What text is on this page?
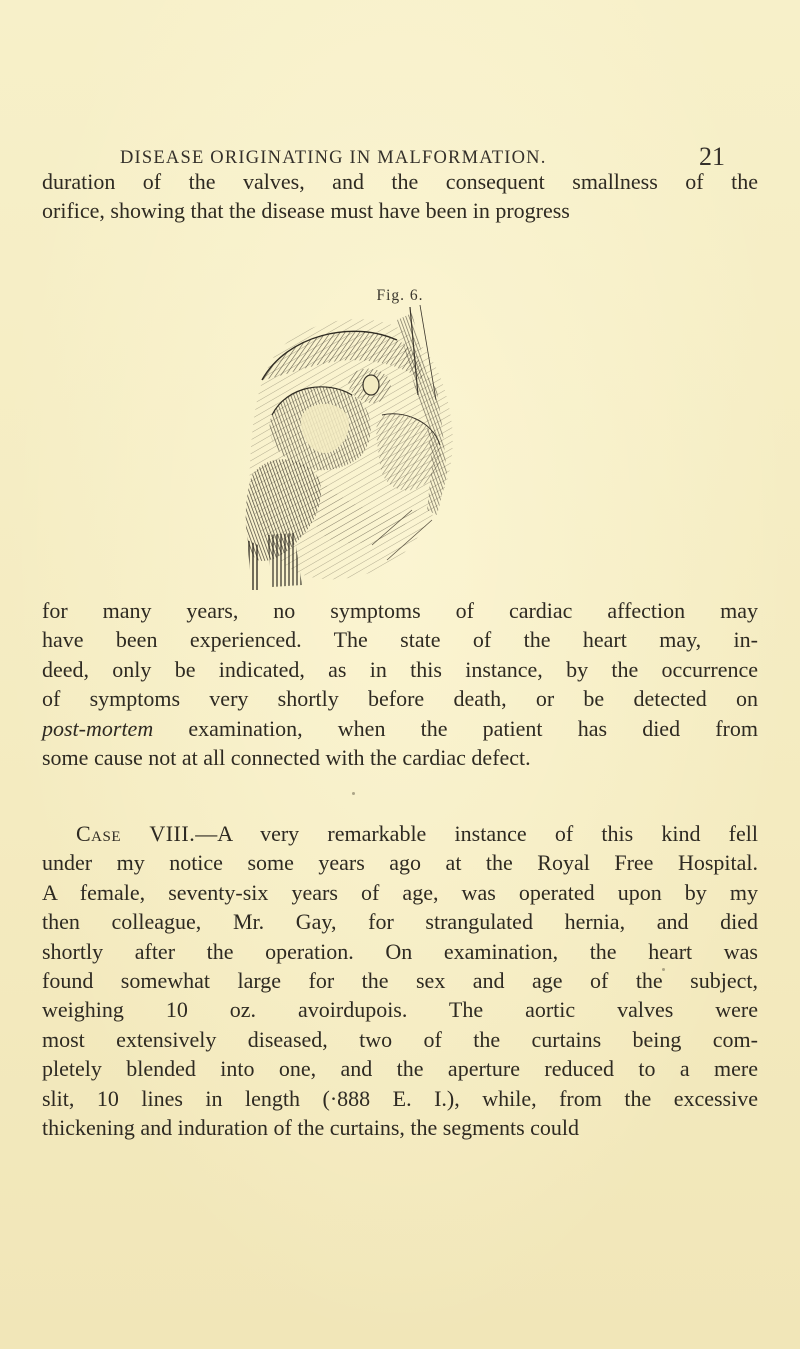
DISEASE ORIGINATING IN MALFORMATION.	21
duration of the valves, and the consequent smallness of the
orifice, showing that the disease must have been in progress
Fig. 6.
for many years, no symptoms of cardiac affection may
have been experienced. The state of the heart may, in-
deed, only be indicated, as in this instance, by the occurrence
of symptoms very shortly before death, or be detected on
post-mortem examination, when the patient has died from
some cause not at all connected with the cardiac defect.
Case VIII.—A very remarkable instance of this kind fell
under my notice some years ago at the Royal Free Hospital.
A female, seventy-six years of age, was operated upon by my
then colleague, Mr. Gay, for strangulated hernia, and died
shortly after the operation. On examination, the heart was
found somewhat large for the sex and age of the subject,
weighing 10 oz. avoirdupois. The aortic valves were
most extensively diseased, two of the curtains being com-
pletely blended into one, and the aperture reduced to a mere
slit, 10 lines in length (·888 E. I.), while, from the excessive
thickening and induration of the curtains, the segments could
